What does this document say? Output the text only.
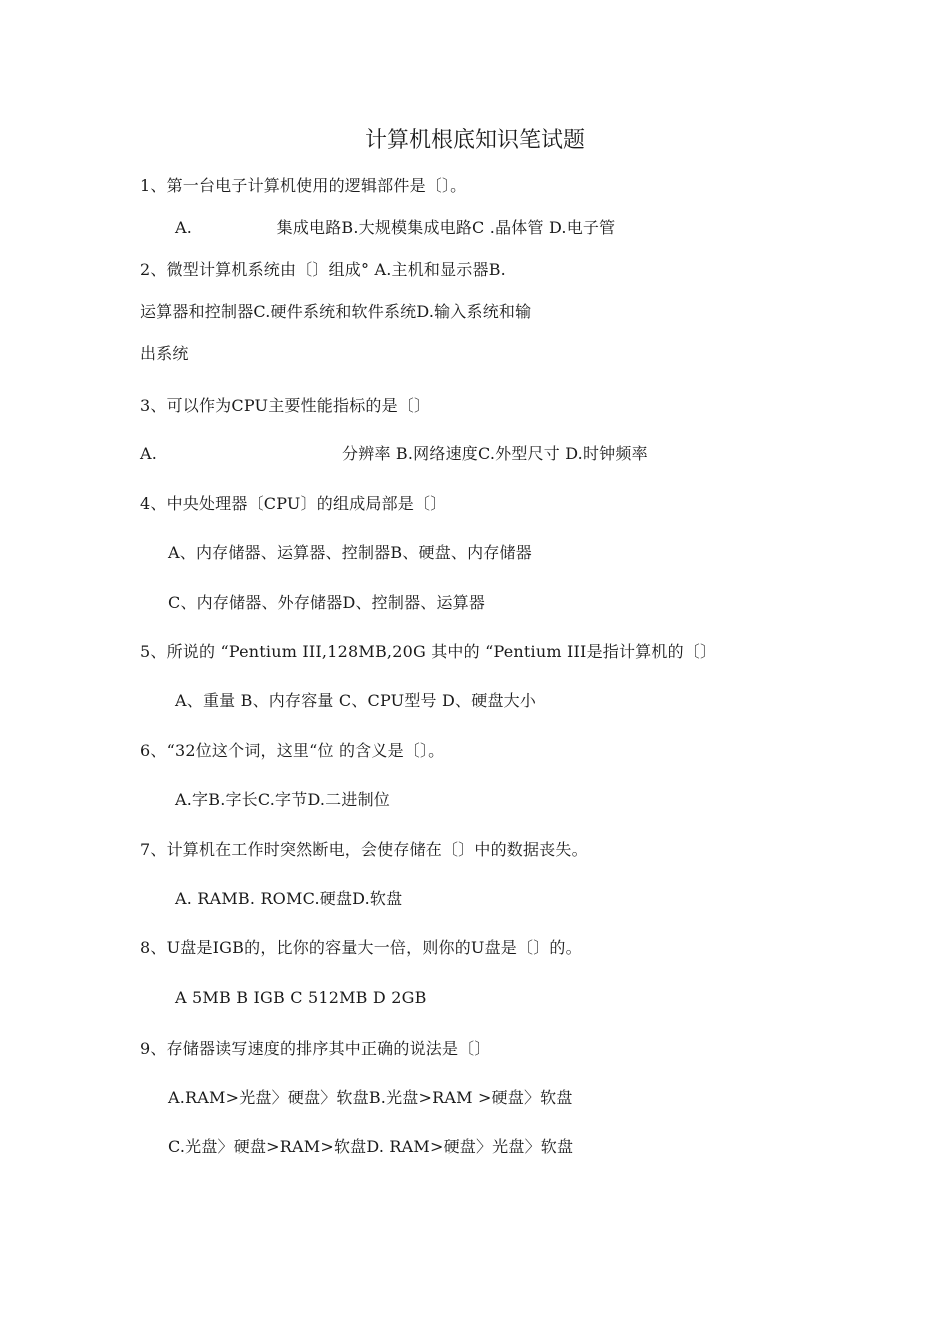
计算机根底知识笔试题
1、第一台电子计算机使用的逻辑部件是〔〕。
A.                集成电路B.大规模集成电路C .晶体管 D.电子管
2、微型计算机系统由〔〕组成° A.主机和显示器B.
运算器和控制器C.硬件系统和软件系统D.输入系统和输
出系统
3、可以作为CPU主要性能指标的是〔〕
A.                                   分辨率 B.网络速度C.外型尺寸 D.时钟频率
4、中央处理器〔CPU〕的组成局部是〔〕
A、内存储器、运算器、控制器B、硬盘、内存储器
C、内存储器、外存储器D、控制器、运算器
5、所说的 “Pentium III,128MB,20G 其中的 “Pentium III是指计算机的〔〕
A、重量 B、内存容量 C、CPU型号 D、硬盘大小
6、“32位这个词，这里“位 的含义是〔〕。
A.字B.字长C.字节D.二进制位
7、计算机在工作时突然断电，会使存储在〔〕中的数据丧失。
A. RAMB. ROMC.硬盘D.软盘
8、U盘是IGB的，比你的容量大一倍，则你的U盘是〔〕的。
A 5MB B IGB C 512MB D 2GB
9、存储器读写速度的排序其中正确的说法是〔〕
A.RAM>光盘〉硬盘〉软盘B.光盘>RAM >硬盘〉软盘
C.光盘〉硬盘>RAM>软盘D. RAM>硬盘〉光盘〉软盘
